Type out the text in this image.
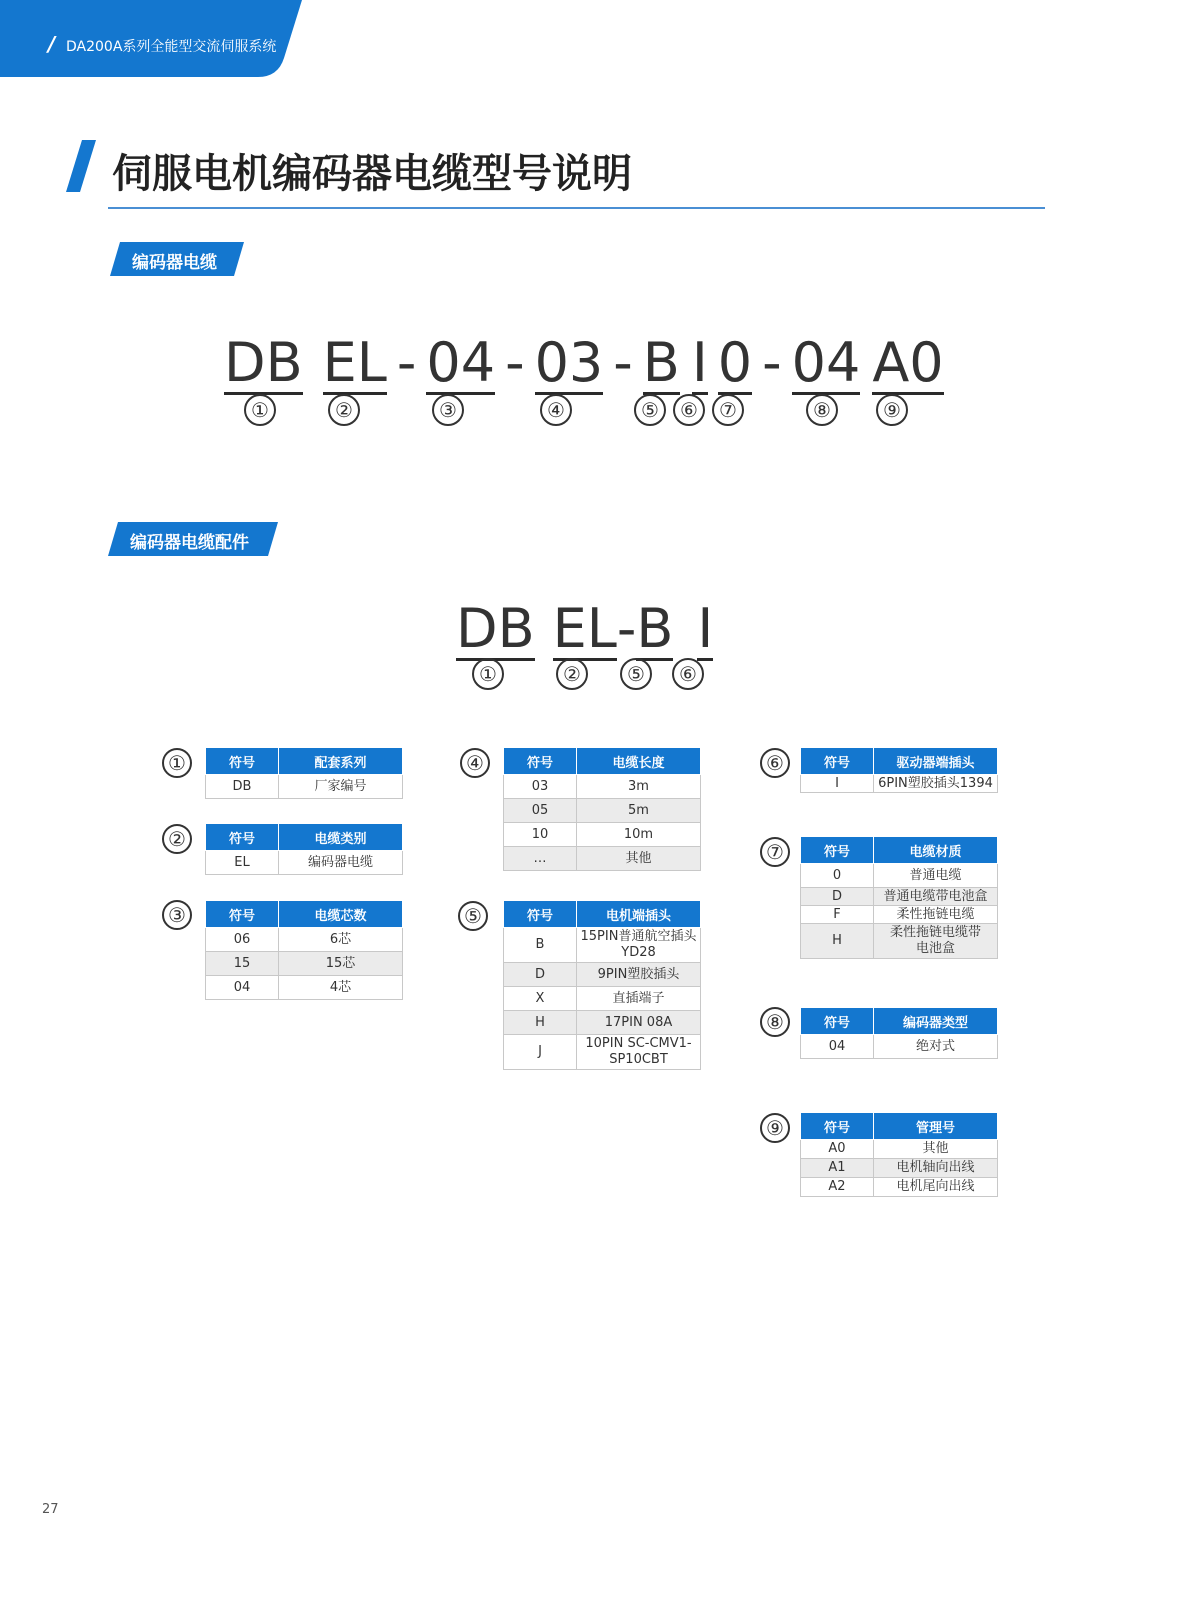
/ DA200A系列全能型交流伺服系统
伺服电机编码器电缆型号说明
编码器电缆
DB EL - 04 - 03 - B I 0 - 04 A0
①	②	③	④	⑤	⑥	⑦	⑧	⑨
编码器电缆配件
DB EL-B I
①	②	⑤	⑥
①	符号	配套系列
DB	厂家编号
②	符号	电缆类别
EL	编码器电缆
③	符号	电缆芯数
06	6芯
15	15芯
04	4芯
④	符号	电缆长度
03	3m
05	5m
10	10m
…	其他
⑤	符号	电机端插头
B	15PIN普通航空插头YD28
D	9PIN塑胶插头
X	直插端子
H	17PIN 08A
J	10PIN SC-CMV1-SP10CBT
⑥	符号	驱动器端插头
I	6PIN塑胶插头1394
⑦	符号	电缆材质
0	普通电缆
D	普通电缆带电池盒
F	柔性拖链电缆
H	柔性拖链电缆带电池盒
⑧	符号	编码器类型
04	绝对式
⑨	符号	管理号
A0	其他
A1	电机轴向出线
A2	电机尾向出线
27
